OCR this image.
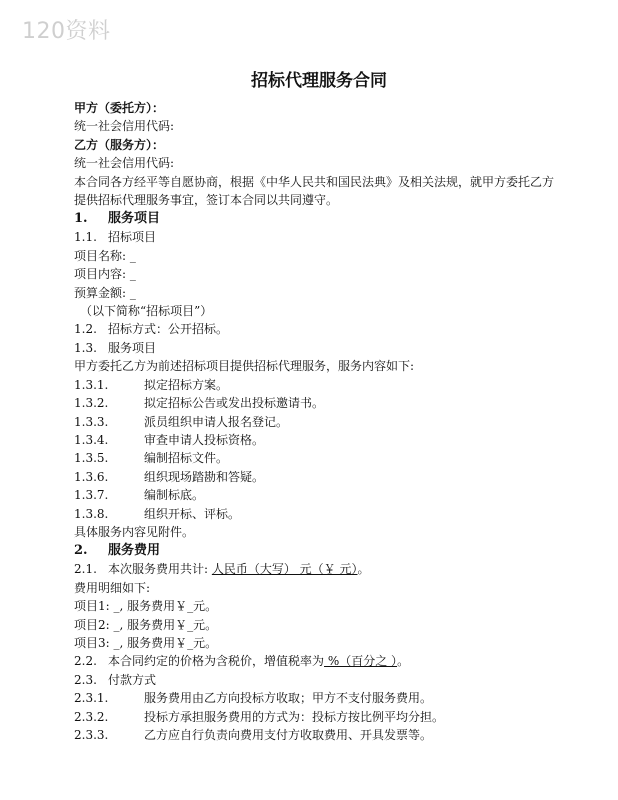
120资料
招标代理服务合同
甲方（委托方）：
统一社会信用代码:
乙方（服务方）：
统一社会信用代码:
本合同各方经平等自愿协商，根据《中华人民共和国民法典》及相关法规，就甲方委托乙方提供招标代理服务事宜，签订本合同以共同遵守。
1. 服务项目
1.1. 招标项目
项目名称: _
项目内容: _
预算金额: _
（以下简称“招标项目”）
1.2. 招标方式：公开招标。
1.3. 服务项目
甲方委托乙方为前述招标项目提供招标代理服务，服务内容如下:
1.3.1.	拟定招标方案。
1.3.2.	拟定招标公告或发出投标邀请书。
1.3.3.	派员组织申请人报名登记。
1.3.4.	审查申请人投标资格。
1.3.5.	编制招标文件。
1.3.6.	组织现场踏勘和答疑。
1.3.7.	编制标底。
1.3.8.	组织开标、评标。
具体服务内容见附件。
2. 服务费用
2.1. 本次服务费用共计: 人民币（大写） 元（￥ 元）。
费用明细如下:
项目1: _, 服务费用￥_元。
项目2: _, 服务费用￥_元。
项目3: _, 服务费用￥_元。
2.2. 本合同约定的价格为含税价，增值税率为 %（百分之 ）。
2.3. 付款方式
2.3.1.	服务费用由乙方向投标方收取；甲方不支付服务费用。
2.3.2.	投标方承担服务费用的方式为：投标方按比例平均分担。
2.3.3.	乙方应自行负责向费用支付方收取费用、开具发票等。
